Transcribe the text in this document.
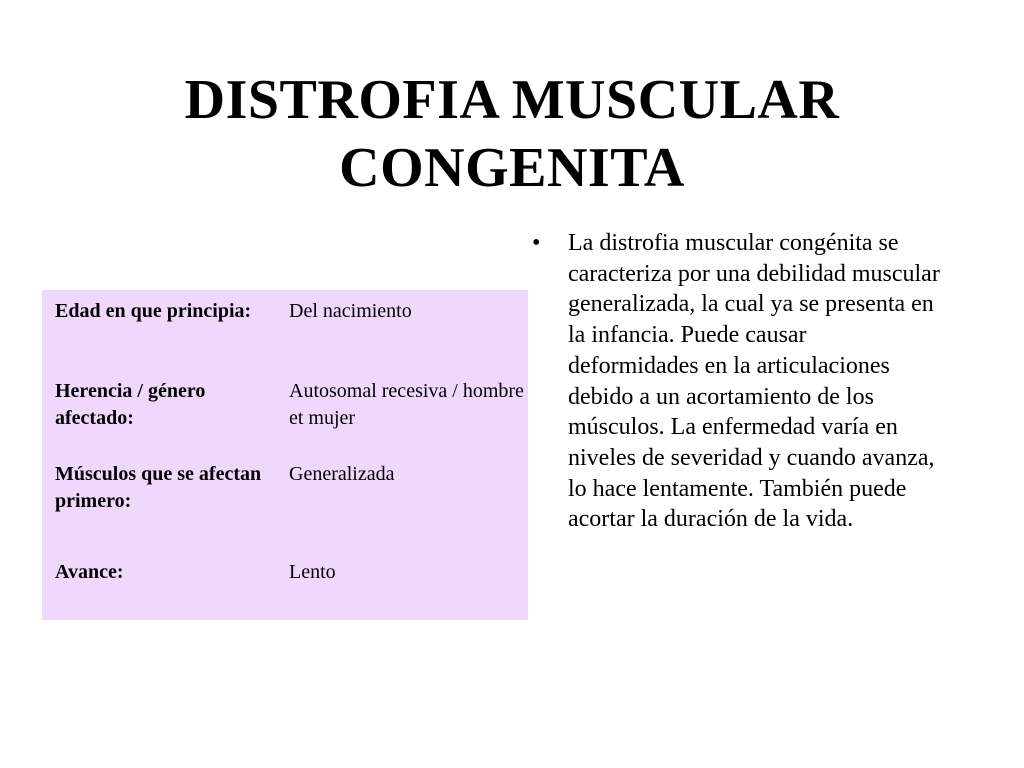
DISTROFIA MUSCULAR
CONGENITA
Edad en que principia:	Del nacimiento
Herencia / género afectado:	Autosomal recesiva / hombre et mujer
Músculos que se afectan primero:	Generalizada
Avance:	Lento
• La distrofia muscular congénita se caracteriza por una debilidad muscular generalizada, la cual ya se presenta en la infancia. Puede causar deformidades en la articulaciones debido a un acortamiento de los músculos. La enfermedad varía en niveles de severidad y cuando avanza, lo hace lentamente. También puede acortar la duración de la vida.
